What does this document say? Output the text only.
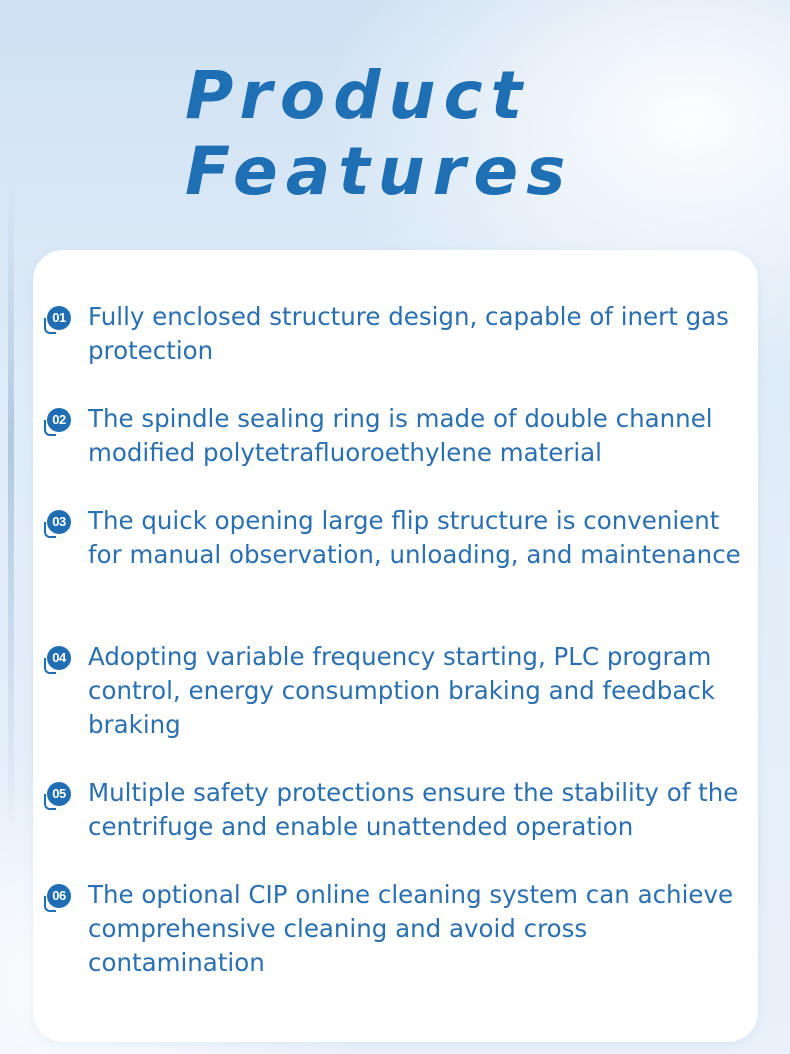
Product
Features
01 Fully enclosed structure design, capable of inert gas protection
02 The spindle sealing ring is made of double channel modified polytetrafluoroethylene material
03 The quick opening large flip structure is convenient for manual observation, unloading, and maintenance
04 Adopting variable frequency starting, PLC program control, energy consumption braking and feedback braking
05 Multiple safety protections ensure the stability of the centrifuge and enable unattended operation
06 The optional CIP online cleaning system can achieve comprehensive cleaning and avoid cross contamination
